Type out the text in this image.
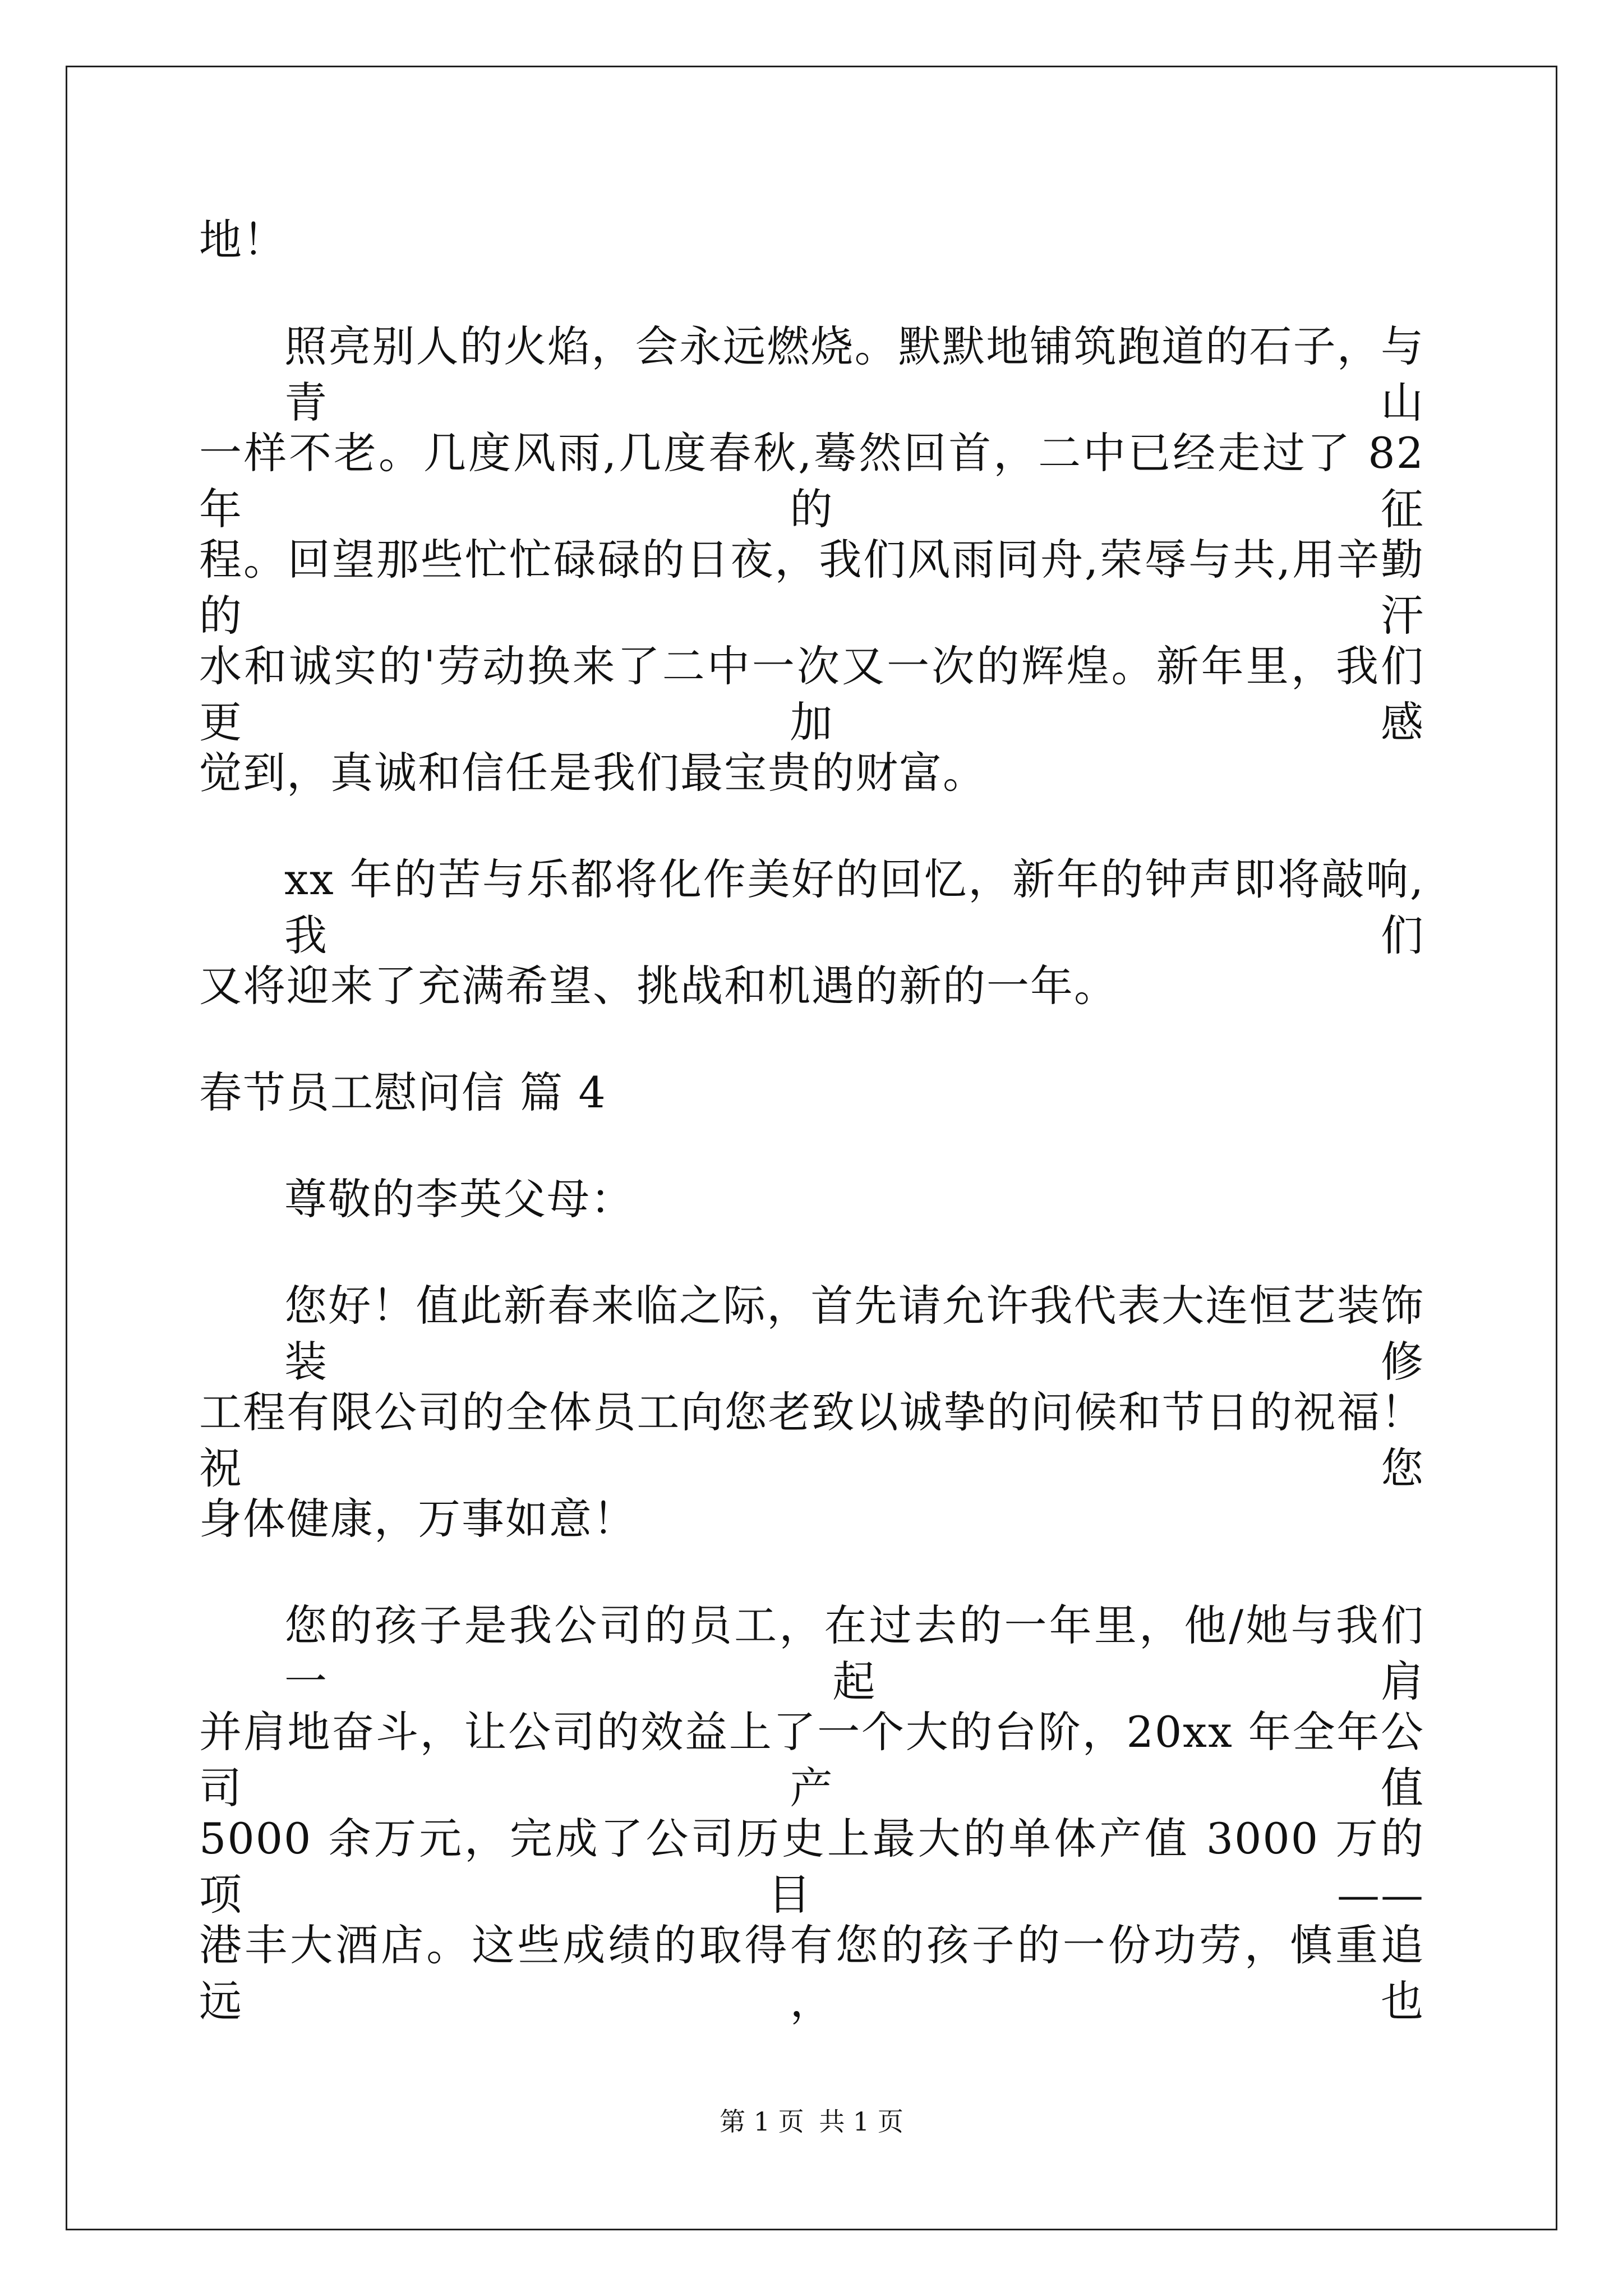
地！
照亮别人的火焰，会永远燃烧。默默地铺筑跑道的石子，与青山
一样不老。几度风雨,几度春秋,蓦然回首，二中已经走过了 82 年的征
程。回望那些忙忙碌碌的日夜，我们风雨同舟,荣辱与共,用辛勤的汗
水和诚实的'劳动换来了二中一次又一次的辉煌。新年里，我们更加感
觉到，真诚和信任是我们最宝贵的财富。
xx 年的苦与乐都将化作美好的回忆，新年的钟声即将敲响,我们
又将迎来了充满希望、挑战和机遇的新的一年。
春节员工慰问信 篇 4
尊敬的李英父母：
您好！值此新春来临之际，首先请允许我代表大连恒艺装饰装修
工程有限公司的全体员工向您老致以诚挚的问候和节日的祝福！祝您
身体健康，万事如意！
您的孩子是我公司的员工，在过去的一年里，他/她与我们一起肩
并肩地奋斗，让公司的效益上了一个大的台阶，20xx 年全年公司产值
5000 余万元，完成了公司历史上最大的单体产值 3000 万的项目——
港丰大酒店。这些成绩的取得有您的孩子的一份功劳，慎重追远，也
第 1 页 共 1 页
